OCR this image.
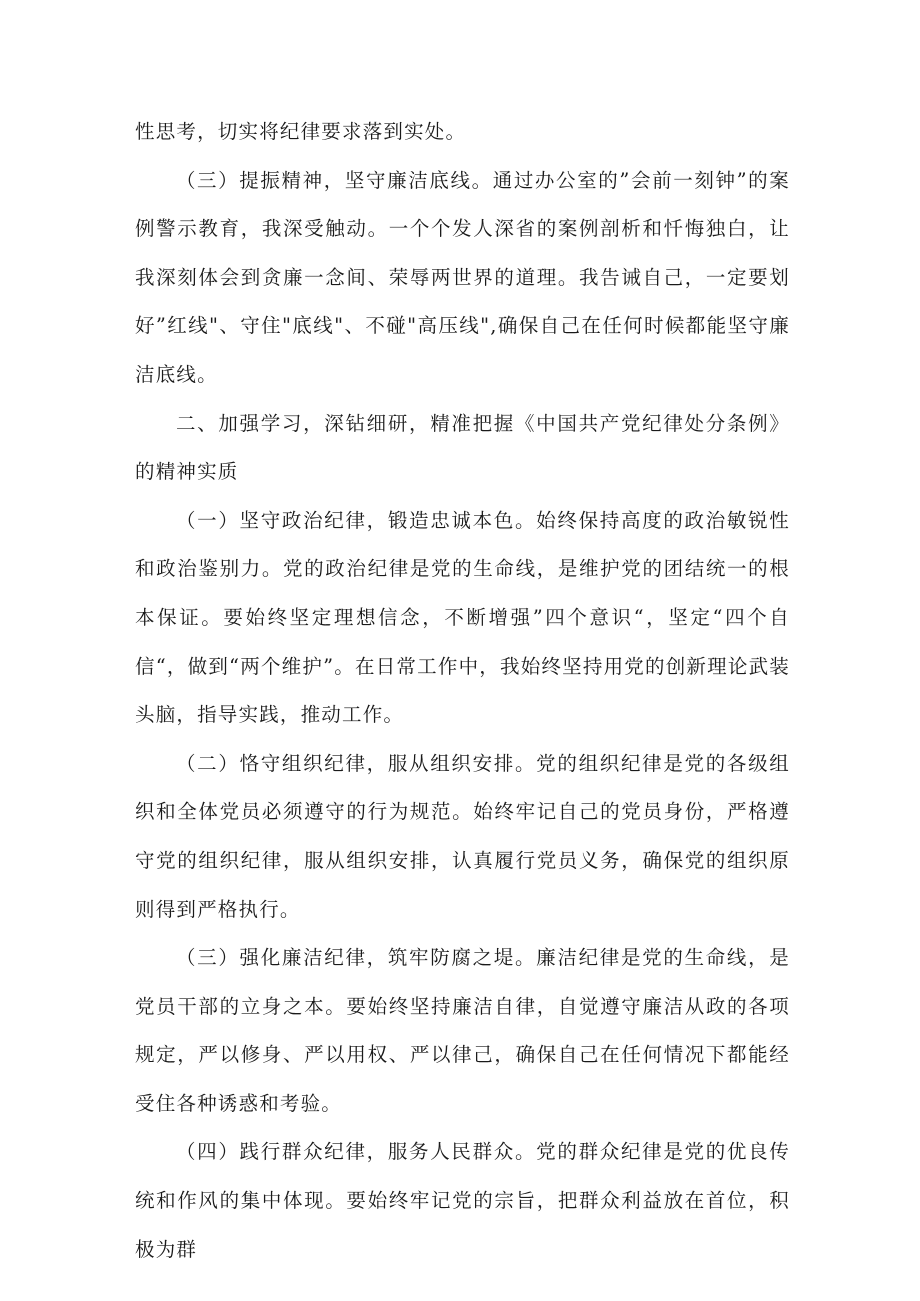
性思考，切实将纪律要求落到实处。

（三）提振精神，坚守廉洁底线。通过办公室的”会前一刻钟”的案例警示教育，我深受触动。一个个发人深省的案例剖析和忏悔独白，让我深刻体会到贪廉一念间、荣辱两世界的道理。我告诫自己，一定要划好”红线"、守住"底线"、不碰"高压线",确保自己在任何时候都能坚守廉洁底线。

二、加强学习，深钻细研，精准把握《中国共产党纪律处分条例》的精神实质

（一）坚守政治纪律，锻造忠诚本色。始终保持高度的政治敏锐性和政治鉴别力。党的政治纪律是党的生命线，是维护党的团结统一的根本保证。要始终坚定理想信念，不断增强”四个意识“，坚定“四个自信“，做到“两个维护”。在日常工作中，我始终坚持用党的创新理论武装头脑，指导实践，推动工作。

（二）恪守组织纪律，服从组织安排。党的组织纪律是党的各级组织和全体党员必须遵守的行为规范。始终牢记自己的党员身份，严格遵守党的组织纪律，服从组织安排，认真履行党员义务，确保党的组织原则得到严格执行。

（三）强化廉洁纪律，筑牢防腐之堤。廉洁纪律是党的生命线，是党员干部的立身之本。要始终坚持廉洁自律，自觉遵守廉洁从政的各项规定，严以修身、严以用权、严以律己，确保自己在任何情况下都能经受住各种诱惑和考验。

（四）践行群众纪律，服务人民群众。党的群众纪律是党的优良传统和作风的集中体现。要始终牢记党的宗旨，把群众利益放在首位，积极为群
